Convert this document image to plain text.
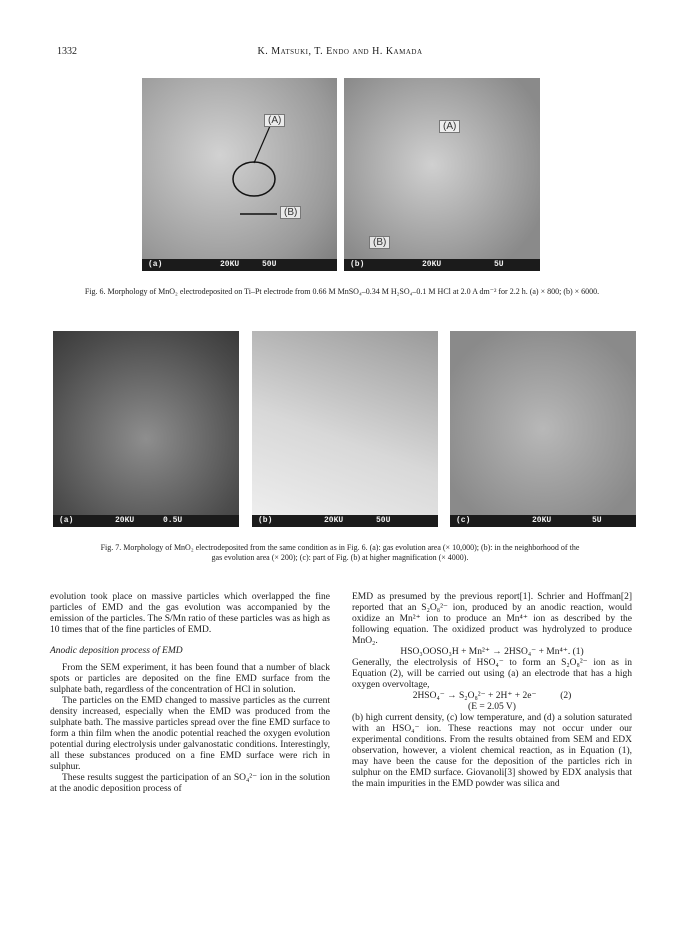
1332	K. Matsuki, T. Endo and H. Kamada
(A)
(B)
(a)	20KU	50U
(A)
(B)
(b)	20KU	5U
Fig. 6. Morphology of MnO₂ electrodeposited on Ti–Pt electrode from 0.66 M MnSO₄–0.34 M H₂SO₄–0.1 M HCl at 2.0 A dm⁻² for 2.2 h. (a) × 800; (b) × 6000.
(a)	20KU	0.5U	(b)	20KU	50U	(c)	20KU	5U
Fig. 7. Morphology of MnO₂ electrodeposited from the same condition as in Fig. 6. (a): gas evolution area (× 10,000); (b): in the neighborhood of the gas evolution area (× 200); (c): part of Fig. (b) at higher magnification (× 4000).

evolution took place on massive particles which overlapped the fine particles of EMD and the gas evolution was accompanied by the emission of the particles. The S/Mn ratio of these particles was as high as 10 times that of the fine particles of EMD.

Anodic deposition process of EMD

From the SEM experiment, it has been found that a number of black spots or particles are deposited on the fine EMD surface from the sulphate bath, regardless of the concentration of HCl in solution.

The particles on the EMD changed to massive particles as the current density increased, especially when the EMD was produced from the sulphate bath. The massive particles spread over the fine EMD surface to form a thin film when the anodic potential reached the oxygen evolution potential during electrolysis under galvanostatic conditions. Interestingly, all these substances produced on a fine EMD surface were rich in sulphur.

These results suggest the participation of an SO₄²⁻ ion in the solution at the anodic deposition process of

EMD as presumed by the previous report[1]. Schrier and Hoffman[2] reported that an S₂O₈²⁻ ion, produced by an anodic reaction, would oxidize an Mn²⁺ ion to produce an Mn⁴⁺ ion as described by the following equation. The oxidized product was hydrolyzed to produce MnO₂.

HSO₃OOSO₃H + Mn²⁺ → 2HSO₄⁻ + Mn⁴⁺. (1)

Generally, the electrolysis of HSO₄⁻ to form an S₂O₈²⁻ ion as in Equation (2), will be carried out using (a) an electrode that has a high oxygen overvoltage,

2HSO₄⁻ → S₂O₈²⁻ + 2H⁺ + 2e⁻          (2)

(E = 2.05 V)

(b) high current density, (c) low temperature, and (d) a solution saturated with an HSO₄⁻ ion. These reactions may not occur under our experimental conditions. From the results obtained from SEM and EDX observation, however, a violent chemical reaction, as in Equation (1), may have been the cause for the deposition of the particles rich in sulphur on the EMD surface. Giovanoli[3] showed by EDX analysis that the main impurities in the EMD powder was silica and
